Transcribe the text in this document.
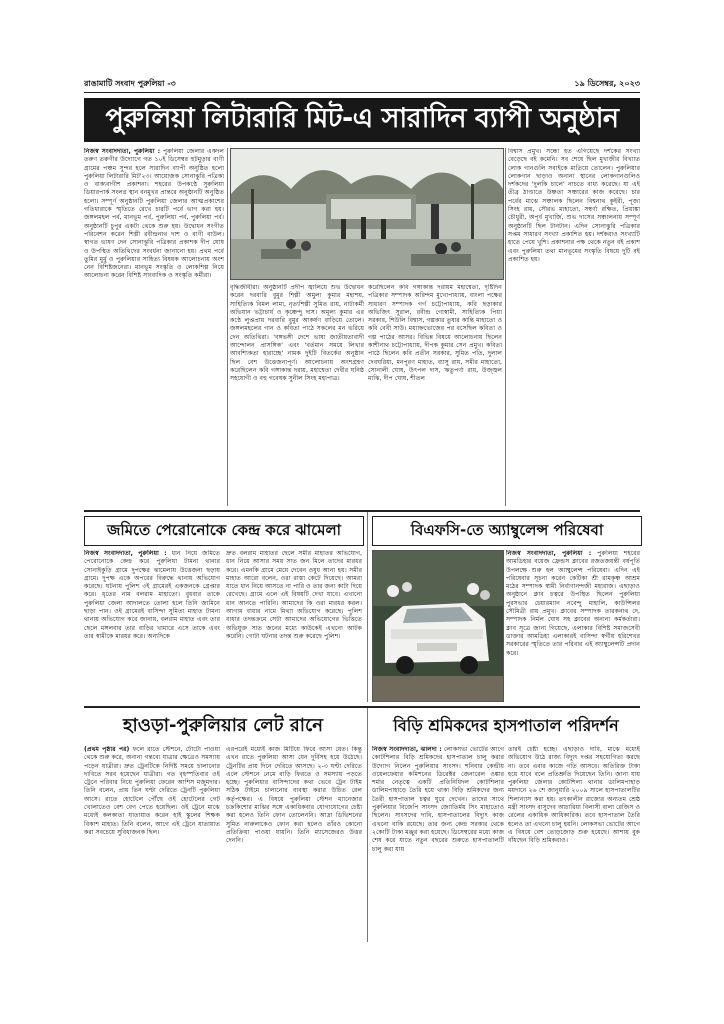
রাঙামাটি সংবাদ পুরুলিয়া -৩	১৯ ডিসেম্বর, ২০২৩
পুরুলিয়া লিটারারি মিট-এ সারাদিন ব্যাপী অনুষ্ঠান

নিজস্ব সংবাদদাতা, পুরুলিয়া : পুরুলিয়া জেলার একদল তরুণ তরুণীর উদ্যোগে গত ১০ই ডিসেম্বর হুটমুড়ার বাণী গ্রামের পঞ্চম সুন্দর হলে সারাদিন ব্যাপী অনুষ্ঠিত হলো পুরুলিয়া লিটারারি মিট'২৩। আয়োজক সোনাঝুরি পত্রিকা ও বাক্যবাগীশ প্রকাশনা। শহরের উপকণ্ঠে সুরুলিয়া ডিয়ারপার্ক সংলগ্ন স্থান বনমুখর প্রান্তরে অনুষ্ঠানটি অনুষ্ঠিত হলো। সম্পূর্ণ অনুষ্ঠানটি পুরুলিয়া জেলার আত্মপ্রকাশের গতিধারাকে স্মৃতিতে রেখে চারটি পর্বে ভাগ করা হয়। জঙ্গলমহল পর্ব, মানভূম পর্ব, পুরুলিয়া পর্ব, পুরুলিয়া পর্ব। অনুষ্ঠানটি চুপুর একটা থেকে শুরু হয়। উদ্বোধন সংগীত পরিবেশন করেন শিল্পী রবীন্দ্রনাথ দাশ ও বাণী বাউল। স্বাগত ভাষণ দেন সোনাঝুরি পত্রিকার প্রকাশক দীপ ঘোষ ও উপস্থিত অতিথিদের সংবর্ধনা জানানো হয়। প্রথম পর্বে তুমির মুর্মু ও পুরুলিয়ার সাহিত্য বিষয়ক আলোচনায় অংশ নেন বিশিষ্টজনেরা। মানভূম সংস্কৃতি ও লোকশিল্প নিয়ে আলোচনা করেন বিশিষ্ট সাংবাদিক ও সংস্কৃতি কর্মীরা।

বৃদ্ধিজীবীরা। অনুষ্ঠানটি প্রদীপ জ্বালিয়ে শুভ উদ্বোধন করেন দরবারি বুমুর শিল্পী অমুল্য কুমার মহাশয়, সাহিত্যিক বিমল লামা, নৃত্যশিল্পী সুমিত রায়, নাট্যকর্মী অভিযান ভট্টাচার্য ও কৃষ্ণেন্দু দাস। অমূল্য কুমার এর কণ্ঠে লুপ্তপ্রায় দরবারি বুমুর আকর্ষণ বাড়িয়ে তোলে। জঙ্গলমহলের গান ও কবিতা পাঠে সকলের মন ভরিয়ে দেন অতিথিরা। 'বঙ্গভঙ্গী দেশে ভাষা জাতীয়তাবাদী আন্দোলন প্রাসঙ্গিক' এবং 'বর্তমান সময়ে লিখার আবশ্যিকতা হারাচ্ছে' নামক দুইটি বিতর্কের অনুষ্ঠান ছিল বেশ উত্তেজনাপূর্ণ। আলোচনায় অংশগ্রহণ করেছিলেন কবি গঙ্গাকান্ত দরায়, মহাশ্বেতা দেবীর ঘনিষ্ঠ সহযোগী ও বহু গবেষক সুনীল সিংহ মহাপাত্র।

করেছিলেন কবি গঙ্গাকান্ত দরায়ম মহাশ্বেতা, দৃষ্টিদিন পত্রিকার সম্পাদক অরিন্দম মুখোপাধ্যায়, বাংলা পক্ষের সাধারণ সম্পাদক গর্গ চট্টোপাধ্যায়, কবি ছড়াকার অভিজিৎ সুরাল, রবীন্দ্র গোস্বামী, সাহিত্যিক পিয়া সরকার, শিউলি বিশ্বাস, গল্পকার তুষার কান্তি মাহাতো ও কবি বেবী সাউ। মধ্যাহ্নভোজের পর বসেছিল কবিতা ও গল্প পাঠের আসর। বিভিন্ন বিষয়ে আলোচনায় ছিলেন কাশীনাথ চট্টোপাধ্যায়, দীপক কুমার সেন প্রমুখ। কবিতা পাঠে ছিলেন কবি প্রতীন সরকার, সুমিত পতি, দুলাল দেবঘরিয়া, মনপুরণ মাহাত, ব্যাসু রায়, সমীর মাহাতো, সোনালী ঘোষ, উৎপল দাস, ঋতুপর্ণা রায়, উজ্জ্বল মাঝি, দীপ ঘোষ, শীতল

বিশ্বাস প্রমুখ। সন্ধ্যে হত এগিয়েছে দর্শকের সংখ্যা বেড়েছে বই কমেনি। সব শেষে ছিল মুখাজীর বিখ্যাত লোক গানগুলি সবাইকে মাতিয়ে তোলেন। পুরুলিয়ার লোকগান ছাড়াও অনান্য স্থানের লোকগানগুলিও দর্শকদের 'দুলকি চালে' নাচতে বাধ্য করেছে। যা এই তীব্র ঠাণ্ডাতে উষ্ণতা সঞ্চারের কাজ করেছে। চার পর্বের মাঝে সঞ্চালক ছিলেন বিশ্বনাথ কুইরী, পূজা সিংহ রায়, সৌরভ মাহাতো, সম্বর্ণা রক্ষিত, প্রিয়াঙ্কা চৌধুরী, অপূর্ব মুখার্জি, শুভ দাসের সঞ্চালনায় সম্পূর্ণ অনুষ্ঠানটি ছিল টানটান। এদিন সোনাঝুরি পত্রিকার সপ্তম সাধারণ সংখ্যা প্রকাশিত হয়। দর্শকরাও সংখ্যাটি হাতে পেয়ে খুশি। প্রকাশনার পক্ষ থেকে নতুন বই প্রকাশ এবং পুরুলিয়া তথা মানভূমের সংস্কৃতি বিষয়ে দুটি বই প্রকাশিত হয়।

জমিতে পেরোনোকে কেন্দ্র করে ঝামেলা

নিজস্ব সংবাদদাতা, পুরুলিয়া : ধান নিয়ে জমিতে পেরোনোকে কেন্দ্র করে পুরুলিয়া টামনা থানার সোনাইকুড়ি গ্রামে দুপক্ষের ঝামেলায় উত্তেজনা ছড়ায় গ্রামে। দুপক্ষ একে অপরের বিরুদ্ধে থানায় অভিযোগ করেছে। ঘটনায় পুলিশ ৩ই গ্রামেরই একজনকে গ্রেপ্তার করে। ধৃতের নাম বলরাম মাহাতো। বুধবার তাকে পুরুলিয়া জেলা আদালতে তোলা হলে তিনি জামিনে ছাড়া পান। ওই গ্রামেরই বাসিন্দা সুমিতা মাহাত টামনা থানায় অভিযোগ করে জানায়, বলরাম মাহাত এবং তার ছেলে মঙ্গলবার তার বাড়ির খামারে এসে তাকে এবং তার স্বামীকে মারধর করে। অন্যদিকে

দ্রুত বলরাম মাহাতর ছেলে সমীর মাহাতর অভিযোগ, ধান নিয়ে আসার সময় সাত জন মিলে তাদের মারধর করে। এমনকি গ্রামে মেয়ে দেবেন ওষুধ আনা হয়। সমীর মাহাত আরো বলেন, ওরা রাস্তা কেটে দিয়েছে। আমরা যাতে ধান নিয়ে আসতে না পারি ও তার জন্য কাটা দিয়ে রেখেছে। গ্রামে এলে এই বিষয়টি দেখা যাবে। এখানো ধান আনতে পারিনি। আমাদের কি ওরা মারধর করল। আগাম বাধার নামে মিথ্যা অভিযোগ করেছে। পুলিশ বাধার তদন্তক্রমে সেটা আমাদের অভিযোগের ভিত্তিতে অভিযুক্ত সাত জনের মধ্যে কাউকেই এখনো আটক করেনি। গোটা ঘটনার তদন্ত শুরু করেছে পুলিশ।

বিএফসি-তে অ্যাম্বুলেন্স পরিষেবা

নিজস্ব সংবাদদাতা, পুরুলিয়া : পুরুলিয়া শহরের আমডিহার বয়েজ ফ্রেন্ডস ক্লাবের রজতজয়ন্তী বর্ষপূর্তি উপলক্ষে শুরু হল অ্যাম্বুলেন্স পরিষেবা। এদিন এই পরিষেবার সূচনা করেন কেটিকা শ্রী রামকৃষ্ণ আশ্রম মঠের সম্পাদক স্বামী নির্বাণানন্দজী মহারাজ। এছাড়াও অনুষ্ঠানে ক্লাব চত্বরে উপস্থিত ছিলেন পুরুলিয়া পুরসভার চেয়ারম্যান নবেন্দু মাহালি, কাউন্সিলর সৌমিত্রী রায় প্রমুখ। ক্লাবের সম্পাদক তারকনাথ দে, সম্পাদক নির্মল ঘোষ সহ ক্লাবের অনান্য কর্মকর্তারা। ক্লাব সূত্রে জানা গিয়েছে, এলাকার বিশিষ্ট সমাজসেবী ডাক্তার আমডিহা এলাকারই বাসিন্দা স্বর্গীয় হরিশেখর সরকারের স্মৃতিতে তার পরিবার এই অ্যাম্বুলেন্সটি প্রদান করে।

হাওড়া-পুরুলিয়ার লেট রানে

(প্রথম পৃষ্ঠার পর) ফলে রাতে স্টেশনে, টোটো পাওয়া থেকে শুরু করে, অনান্য গন্তব্যে যাত্রার ক্ষেত্রেও সমস্যায় পড়েন যাত্রীরা। দ্রুত ট্রেনটিকে নির্দিষ্ট সময়ে চালানোর দাবিতে সরব হয়েছেন যাত্রীরা। গত বৃহস্পতিবার ওই ট্রেনে পরিবার নিয়ে পুরুলিয়া ফেরেন আশিস মজুমদার। তিনি বলেন, প্রায় তিন ঘণ্টা দেরিতে ট্রেনটি পুরুলিয়া আসে। রাতে হোটেলে পৌঁছে ওই হোটেলের গেট খোলাতেও বেশ বেগ পেতে হয়েছিল। ওই ট্রেনে মাঝে মধ্যেই কলকাতা যাতায়াত করেন হাই স্কুলের শিক্ষক বিকাশ মাহাত। তিনি বলেন, আগে এই ট্রেনে যাতায়াত করা সবচেয়ে সুবিধাজনক ছিল।

এরপরেই মধ্যেই কাজ মিটিয়ে ফিরে আসা যেত। কিন্তু এখন রাতে পুরুলিয়া আসা যেন দুর্বিসহ হয়ে উঠেছে। ট্রেনটির প্রায় দিনে দেরিতে আসছে। ২-৩ ঘণ্টা দেরিতে এলে স্টেশনে নেমে বাড়ি ফিরতে ও সমস্যায় পড়তে হচ্ছে। পুরুলিয়ার বাসিন্দাদের কথা ভেবে ট্রেন টাইম সঠিক টাইমে চালানোর ব্যবস্থা করার উচিত রেল কর্তৃপক্ষের। এ বিষয়ে পুরুলিয়া স্টেশন ম্যানেজার চক্রকিশোর মাঝির সঙ্গে একাধিকবার যোগাযোগের চেষ্টা করা হলেও তিনি ফোন তোলেননি। আদ্রা ডিভিশনের সুমিত নারুলাকেও ফোন করা হলেও তাঁরও কোনো প্রতিক্রিয়া পাওয়া যায়নি। তিনি ম্যাসেজেরও উত্তর দেননি।

বিড়ি শ্রমিকদের হাসপাতাল পরিদর্শন

নিজস্ব সংবাদদাতা, ঝালদা : লোকসভা ভোটের আগে কোটশিলার বিড়ি শ্রমিকদের হাসপাতাল চালু করার উদ্যোগ নিলেন পুরুলিয়ার সাংসদ। শনিবার কেন্দ্রীয় ওয়েলফেয়ার কমিশনের ডিরেক্টর জেনারেল ওঙ্কার শর্মার নেতৃত্বে একটি প্রতিনিধিদল কোটশিলার ডালিমপাহাড়ে তৈরি হয়ে থাকা বিড়ি শ্রমিকদের জন্য তৈরী হাসপাতাল চত্বর ঘুরে দেখেন। তাদের সাথে পুরুলিয়ার বিজেপি সাংসদ জ্যোতির্ময় সিং মাহাতোও ছিলেন। সাংসদের দাবি, হাসপাতালের বিদ্যুৎ কাজ এখনো বাকি রয়েছে। তার জন্য কেন্দ্র সরকার থেকে ২কোটি টাকা মঞ্জুর করা হয়েছে। ডিসেম্বরের মধ্যে কাজ শেষ করে যাতে নতুন বছরের শুরুতে হাসপাতালটি চালু করা যায়

তারই চেষ্টা হচ্ছে। এছাড়াও দাবি, মাঝে মধ্যেই অভিযোগ উঠে রাজ্য বিদ্যুৎ দপ্তর সহযোগিতা করছে না। তবে এবার কাজে গতি আসবে। অতিরিক্ত টাকা হয়ে যাবে বলে প্রতিশ্রুতি দিয়েছেন তিনি। জানা যায় পুরুলিয়া জেলার কোটশিলা থানার ডালিমপাহাড় ময়দানে ২৬ শে জানুয়ারি ২০০৯ সালে হাসপাতালটির শিলান্যাস করা হয়। তৎকালীন রাজ্যের অন্যতম শ্রেষ্ঠ মন্ত্রী সাংসদ বাসুদেব আচারিয়া বিলাসী বালা রেজিস ও রেলের একাধিক আধিকারিক। তবে হাসপাতাল তৈরি হলেও তা এখনো চালু হয়নি। লোকসভা ভোটের আগে এ বিষয়ে বেশ তোড়জোড় শুরু হয়েছে। আশায় বুক বাঁধছেন বিড়ি শ্রমিকরাও।
